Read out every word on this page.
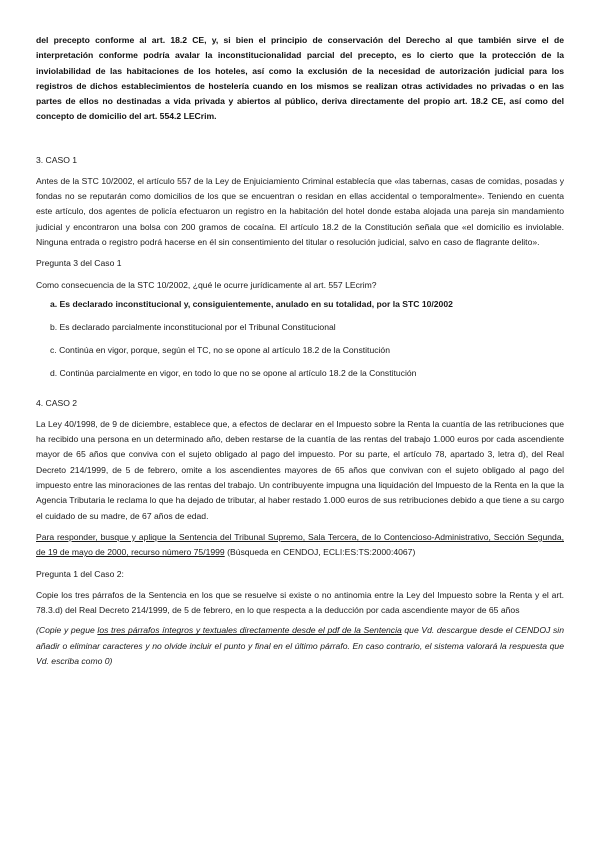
del precepto conforme al art. 18.2 CE, y, si bien el principio de conservación del Derecho al que también sirve el de interpretación conforme podría avalar la inconstitucionalidad parcial del precepto, es lo cierto que la protección de la inviolabilidad de las habitaciones de los hoteles, así como la exclusión de la necesidad de autorización judicial para los registros de dichos establecimientos de hostelería cuando en los mismos se realizan otras actividades no privadas o en las partes de ellos no destinadas a vida privada y abiertos al público, deriva directamente del propio art. 18.2 CE, así como del concepto de domicilio del art. 554.2 LECrim.

3. CASO 1

Antes de la STC 10/2002, el artículo 557 de la Ley de Enjuiciamiento Criminal establecía que «las tabernas, casas de comidas, posadas y fondas no se reputarán como domicilios de los que se encuentran o residan en ellas accidental o temporalmente». Teniendo en cuenta este artículo, dos agentes de policía efectuaron un registro en la habitación del hotel donde estaba alojada una pareja sin mandamiento judicial y encontraron una bolsa con 200 gramos de cocaína. El artículo 18.2 de la Constitución señala que «el domicilio es inviolable. Ninguna entrada o registro podrá hacerse en él sin consentimiento del titular o resolución judicial, salvo en caso de flagrante delito».

Pregunta 3 del Caso 1

Como consecuencia de la STC 10/2002, ¿qué le ocurre jurídicamente al art. 557 LEcrim?

a. Es declarado inconstitucional y, consiguientemente, anulado en su totalidad, por la STC 10/2002
b. Es declarado parcialmente inconstitucional por el Tribunal Constitucional
c. Continúa en vigor, porque, según el TC, no se opone al artículo 18.2 de la Constitución
d. Continúa parcialmente en vigor, en todo lo que no se opone al artículo 18.2 de la Constitución
4. CASO 2

La Ley 40/1998, de 9 de diciembre, establece que, a efectos de declarar en el Impuesto sobre la Renta la cuantía de las retribuciones que ha recibido una persona en un determinado año, deben restarse de la cuantía de las rentas del trabajo 1.000 euros por cada ascendiente mayor de 65 años que conviva con el sujeto obligado al pago del impuesto. Por su parte, el artículo 78, apartado 3, letra d), del Real Decreto 214/1999, de 5 de febrero, omite a los ascendientes mayores de 65 años que convivan con el sujeto obligado al pago del impuesto entre las minoraciones de las rentas del trabajo. Un contribuyente impugna una liquidación del Impuesto de la Renta en la que la Agencia Tributaria le reclama lo que ha dejado de tributar, al haber restado 1.000 euros de sus retribuciones debido a que tiene a su cargo el cuidado de su madre, de 67 años de edad.

Para responder, busque y aplique la Sentencia del Tribunal Supremo, Sala Tercera, de lo Contencioso-Administrativo, Sección Segunda, de 19 de mayo de 2000, recurso número 75/1999 (Búsqueda en CENDOJ, ECLI:ES:TS:2000:4067)

Pregunta 1 del Caso 2:

Copie los tres párrafos de la Sentencia en los que se resuelve si existe o no antinomia entre la Ley del Impuesto sobre la Renta y el art. 78.3.d) del Real Decreto 214/1999, de 5 de febrero, en lo que respecta a la deducción por cada ascendiente mayor de 65 años

(Copie y pegue los tres párrafos íntegros y textuales directamente desde el pdf de la Sentencia que Vd. descargue desde el CENDOJ sin añadir o eliminar caracteres y no olvide incluir el punto y final en el último párrafo. En caso contrario, el sistema valorará la respuesta que Vd. escriba como 0)
